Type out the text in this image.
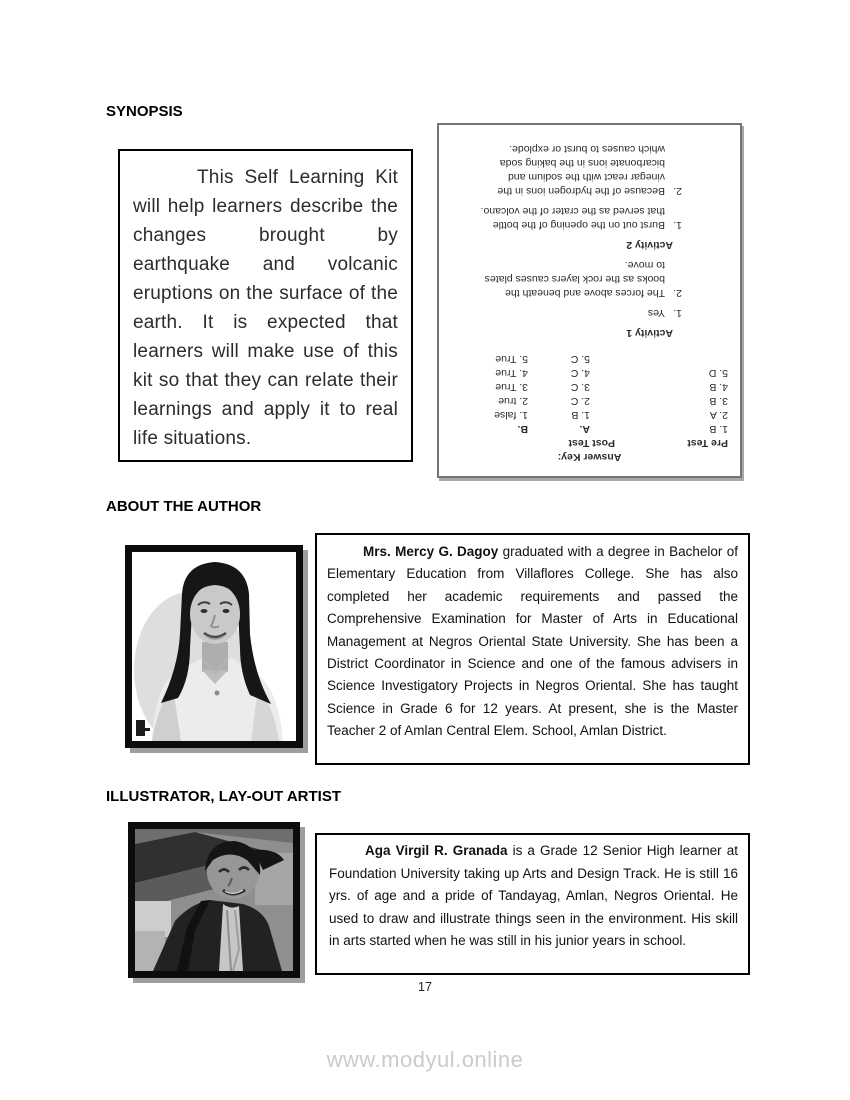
SYNOPSIS
This Self Learning Kit will help learners describe the changes brought by earthquake and volcanic eruptions on the surface of the earth. It is expected that learners will make use of this kit so that they can relate their learnings and apply it to real life situations.
Answer Key:
Pre Test
Post Test
1. B
A.
B.
2. A
1. B
1. false
3. B
2. C
2. true
4. B
3. C
3. True
5. D
4. C
4. True
5. C
5. True
Activity 1
1.
Yes
2.
The forces above and beneath the
books as the rock layers causes plates
to move.
Activity 2
1.
Burst out on the opening of the bottle
that served as the crater of the volcano.
2.
Because of the hydrogen ions in the
vinegar react with the sodium and
bicarbonate ions in the baking soda
which causes to burst or explode.
ABOUT THE AUTHOR

Mrs. Mercy G. Dagoy graduated with a degree in Bachelor of Elementary Education from Villaflores College. She has also completed her academic requirements and passed the Comprehensive Examination for Master of Arts in Educational Management at Negros Oriental State University. She has been a District Coordinator in Science and one of the famous advisers in Science Investigatory Projects in Negros Oriental. She has taught Science in Grade 6 for 12 years. At present, she is the Master Teacher 2 of Amlan Central Elem. School, Amlan District.

ILLUSTRATOR, LAY-OUT ARTIST

Aga Virgil R. Granada is a Grade 12 Senior High learner at Foundation University taking up Arts and Design Track. He is still 16 yrs. of age and a pride of Tandayag, Amlan, Negros Oriental. He used to draw and illustrate things seen in the environment. His skill in arts started when he was still in his junior years in school.

17
www.modyul.online
